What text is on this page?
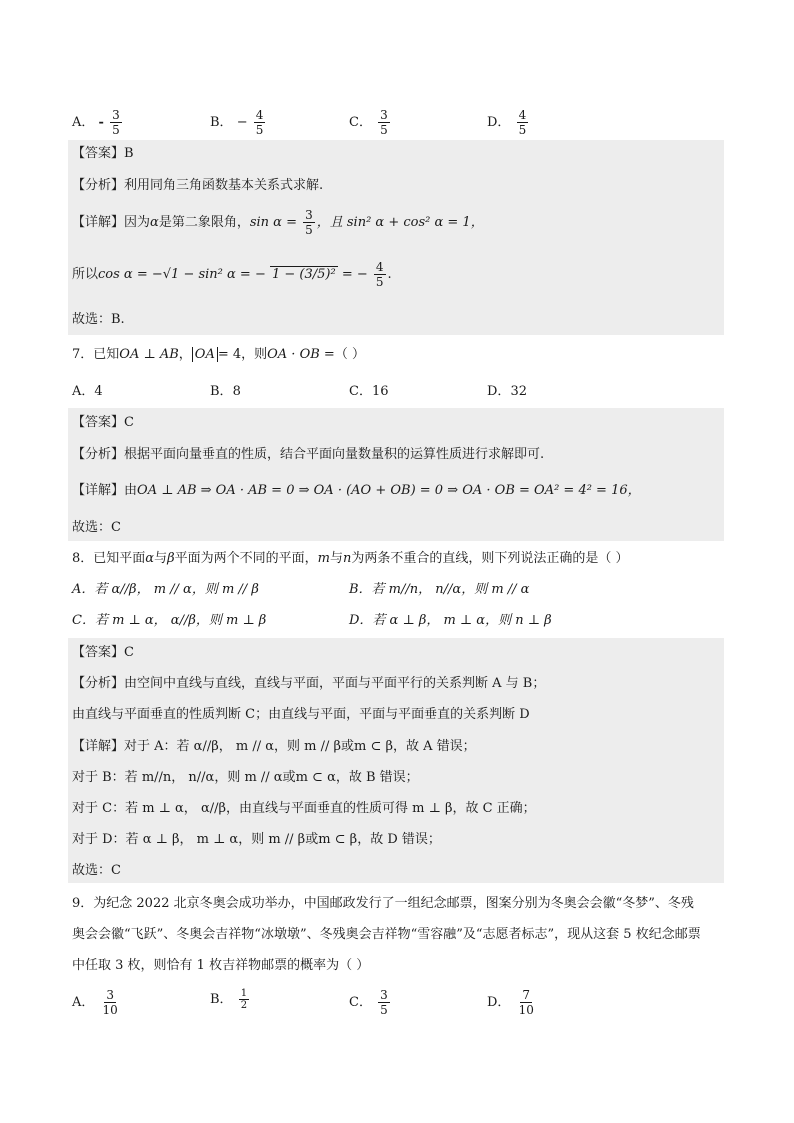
A． - $\frac{3}{5}$	B． − $\frac{4}{5}$	C． $\frac{3}{5}$	D． $\frac{4}{5}$
【答案】B
【分析】利用同角三角函数基本关系式求解.
【详解】因为α是第二象限角，$\sin \alpha = \frac{3}{5}$ ，且 sin² α + cos² α = 1，
所以cos α = −√1 − sin² α = − 1 − (3/5)² = − $\frac{4}{5}$ .
故选：B.
7．已知OA ⊥ AB， OA = 4，则OA · OB =（ ）
A．4	B．8	C．16	D．32
【答案】C
【分析】根据平面向量垂直的性质，结合平面向量数量积的运算性质进行求解即可.
【详解】由OA ⊥ AB ⇒ OA · AB = 0 ⇒ OA · (AO + OB) = 0 ⇒ OA · OB = OA² = 4² = 16，
故选：C
8．已知平面α与β平面为两个不同的平面，m与n为两条不重合的直线，则下列说法正确的是（ ）
A．若 α//β， m // α，则 m // β	B．若 m//n， n//α，则 m // α
C．若 m ⊥ α， α//β，则 m ⊥ β	D．若 α ⊥ β， m ⊥ α，则 n ⊥ β
【答案】C
【分析】由空间中直线与直线，直线与平面，平面与平面平行的关系判断 A 与 B；
由直线与平面垂直的性质判断 C；由直线与平面，平面与平面垂直的关系判断 D
【详解】对于 A：若 α//β， m // α，则 m // β或m ⊂ β，故 A 错误；
对于 B：若 m//n， n//α，则 m // α或m ⊂ α，故 B 错误；
对于 C：若 m ⊥ α， α//β，由直线与平面垂直的性质可得 m ⊥ β，故 C 正确；
对于 D：若 α ⊥ β， m ⊥ α，则 m // β或m ⊂ β，故 D 错误；
故选：C
9．为纪念 2022 北京冬奥会成功举办，中国邮政发行了一组纪念邮票，图案分别为冬奥会会徽“冬梦”、冬残
奥会会徽“飞跃”、冬奥会吉祥物“冰墩墩”、冬残奥会吉祥物“雪容融”及“志愿者标志”，现从这套 5 枚纪念邮票
中任取 3 枚，则恰有 1 枚吉祥物邮票的概率为（ ）
A． $\frac{3}{10}$	B． $\frac{1}{2}$	C． $\frac{3}{5}$	D． $\frac{7}{10}$
